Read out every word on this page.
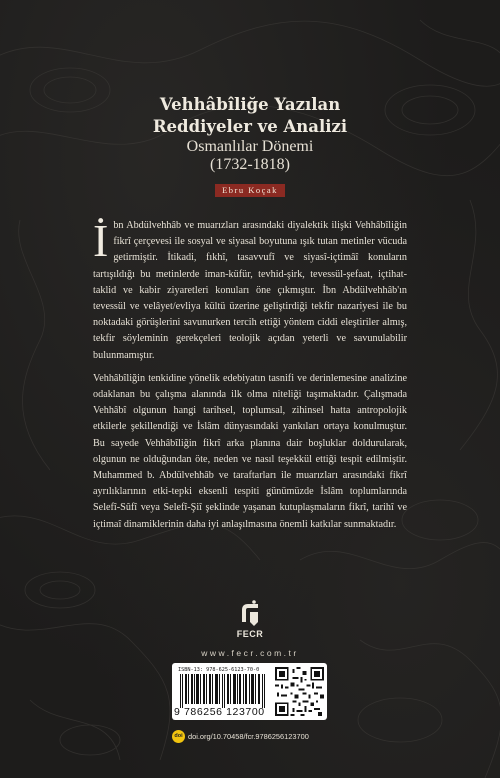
Vehhâbîliğe Yazılan
Reddiyeler ve Analizi
Osmanlılar Dönemi
(1732-1818)
Ebru Koçak

İ bn Abdülvehhâb ve muarızları arasındaki diyalektik ilişki Vehhâbîliğin fikrî çerçevesi ile sosyal ve siyasal boyutuna ışık tutan metinler vücuda getirmiştir. İtikadi, fıkhî, tasavvufî ve siyasî-içtimâî konuların tartışıldığı bu metinlerde iman-küfür, tevhid-şirk, tevessül-şefaat, içtihat-taklid ve kabir ziyaretleri konuları öne çıkmıştır. İbn Abdülvehhâb'ın tevessül ve velâyet/evliya kültü üzerine geliştirdiği tekfir nazariyesi ile bu noktadaki görüşlerini savunurken tercih ettiği yöntem ciddi eleştiriler almış, tekfir söyleminin gerekçeleri teolojik açıdan yeterli ve savunulabilir bulunmamıştır.

Vehhâbîliğin tenkidine yönelik edebiyatın tasnifi ve derinlemesine analizine odaklanan bu çalışma alanında ilk olma niteliği taşımaktadır. Çalışmada Vehhâbî olgunun hangi tarihsel, toplumsal, zihinsel hatta antropolojik etkilerle şekillendiği ve İslâm dünyasındaki yankıları ortaya konulmuştur. Bu sayede Vehhâbîliğin fikrî arka planına dair boşluklar doldurularak, olgunun ne olduğundan öte, neden ve nasıl teşekkül ettiği tespit edilmiştir. Muhammed b. Abdülvehhâb ve taraftarları ile muarızları arasındaki fikrî ayrılıklarının etki-tepki eksenli tespiti günümüzde İslâm toplumlarında Selefî-Sûfî veya Selefî-Şiî şeklinde yaşanan kutuplaşmaların fikrî, tarihî ve içtimaî dinamiklerinin daha iyi anlaşılmasına önemli katkılar sunmaktadır.

FECR
www.fecr.com.tr
ISBN-13: 978-625-6123-70-0
9 786256 123700
doi doi.org/10.70458/fcr.9786256123700
